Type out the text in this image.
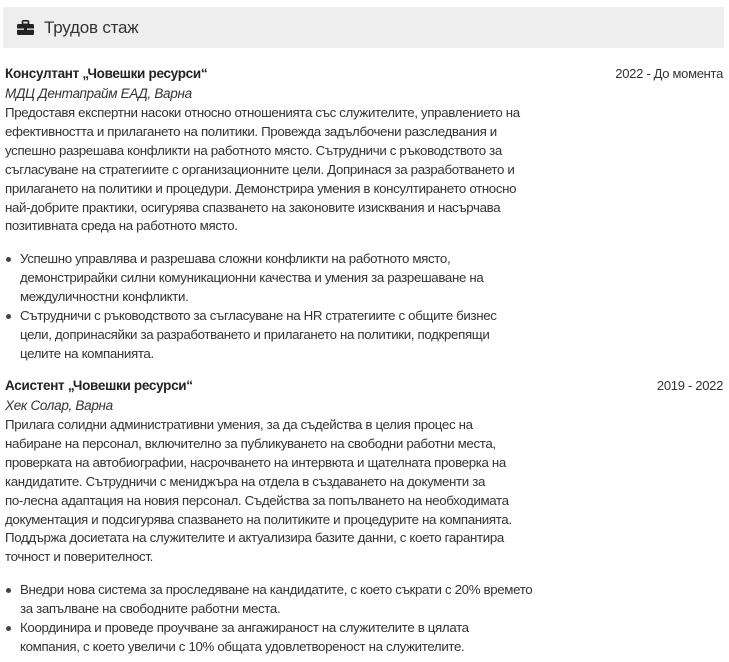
Трудов стаж
Консултант „Човешки ресурси“	2022 - До момента
МДЦ Дентапрайм ЕАД, Варна
Предоставя експертни насоки относно отношенията със служителите, управлението на
ефективността и прилагането на политики. Провежда задълбочени разследвания и
успешно разрешава конфликти на работното място. Сътрудничи с ръководството за
съгласуване на стратегиите с организационните цели. Допринася за разработването и
прилагането на политики и процедури. Демонстрира умения в консултирането относно
най-добрите практики, осигурява спазването на законовите изисквания и насърчава
позитивната среда на работното място.
Успешно управлява и разрешава сложни конфликти на работното място,
демонстрирайки силни комуникационни качества и умения за разрешаване на
междуличностни конфликти.
Сътрудничи с ръководството за съгласуване на HR стратегиите с общите бизнес
цели, допринасяйки за разработването и прилагането на политики, подкрепящи
целите на компанията.
Асистент „Човешки ресурси“	2019 - 2022
Хек Солар, Варна
Прилага солидни административни умения, за да съдейства в целия процес на
набиране на персонал, включително за публикуването на свободни работни места,
проверката на автобиографии, насрочването на интервюта и щателната проверка на
кандидатите. Сътрудничи с мениджъра на отдела в създаването на документи за
по-лесна адаптация на новия персонал. Съдейства за попълването на необходимата
документация и подсигурява спазването на политиките и процедурите на компанията.
Поддържа досиетата на служителите и актуализира базите данни, с което гарантира
точност и поверителност.
Внедри нова система за проследяване на кандидатите, с което съкрати с 20% времето
за запълване на свободните работни места.
Координира и проведе проучване за ангажираност на служителите в цялата
компания, с което увеличи с 10% общата удовлетвореност на служителите.
